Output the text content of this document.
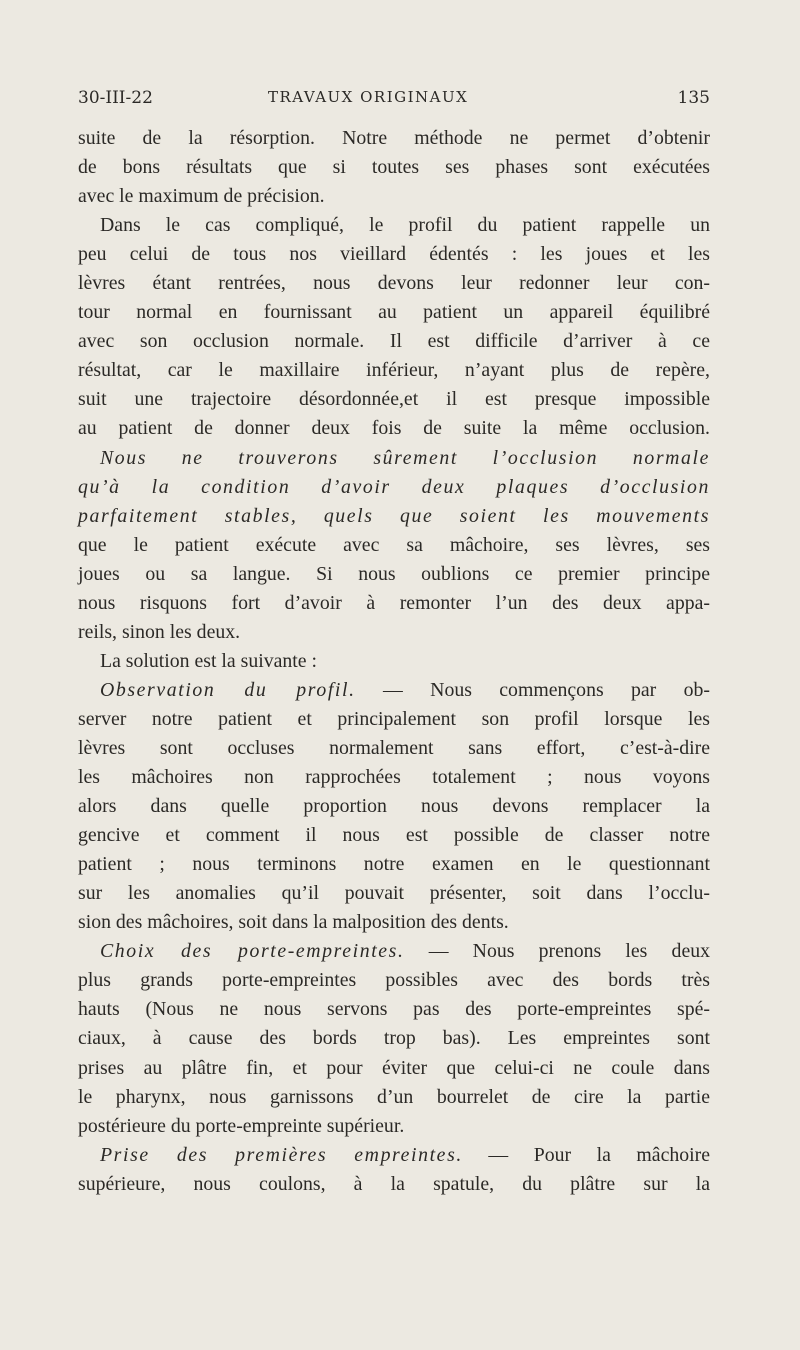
30-III-22	TRAVAUX ORIGINAUX	135
suite de la résorption. Notre méthode ne permet d’obtenir
de bons résultats que si toutes ses phases sont exécutées
avec le maximum de précision.
Dans le cas compliqué, le profil du patient rappelle un
peu celui de tous nos vieillard édentés : les joues et les
lèvres étant rentrées, nous devons leur redonner leur con-
tour normal en fournissant au patient un appareil équilibré
avec son occlusion normale. Il est difficile d’arriver à ce
résultat, car le maxillaire inférieur, n’ayant plus de repère,
suit une trajectoire désordonnée,et il est presque impossible
au patient de donner deux fois de suite la même occlusion.
Nous ne trouverons sûrement l’occlusion normale
qu’à la condition d’avoir deux plaques d’occlusion
parfaitement stables, quels que soient les mouvements
que le patient exécute avec sa mâchoire, ses lèvres, ses
joues ou sa langue. Si nous oublions ce premier principe
nous risquons fort d’avoir à remonter l’un des deux appa-
reils, sinon les deux.
La solution est la suivante :
Observation du profil. — Nous commençons par ob-
server notre patient et principalement son profil lorsque les
lèvres sont occluses normalement sans effort, c’est-à-dire
les mâchoires non rapprochées totalement ; nous voyons
alors dans quelle proportion nous devons remplacer la
gencive et comment il nous est possible de classer notre
patient ; nous terminons notre examen en le questionnant
sur les anomalies qu’il pouvait présenter, soit dans l’occlu-
sion des mâchoires, soit dans la malposition des dents.
Choix des porte-empreintes. — Nous prenons les deux
plus grands porte-empreintes possibles avec des bords très
hauts (Nous ne nous servons pas des porte-empreintes spé-
ciaux, à cause des bords trop bas). Les empreintes sont
prises au plâtre fin, et pour éviter que celui-ci ne coule dans
le pharynx, nous garnissons d’un bourrelet de cire la partie
postérieure du porte-empreinte supérieur.
Prise des premières empreintes. — Pour la mâchoire
supérieure, nous coulons, à la spatule, du plâtre sur la
